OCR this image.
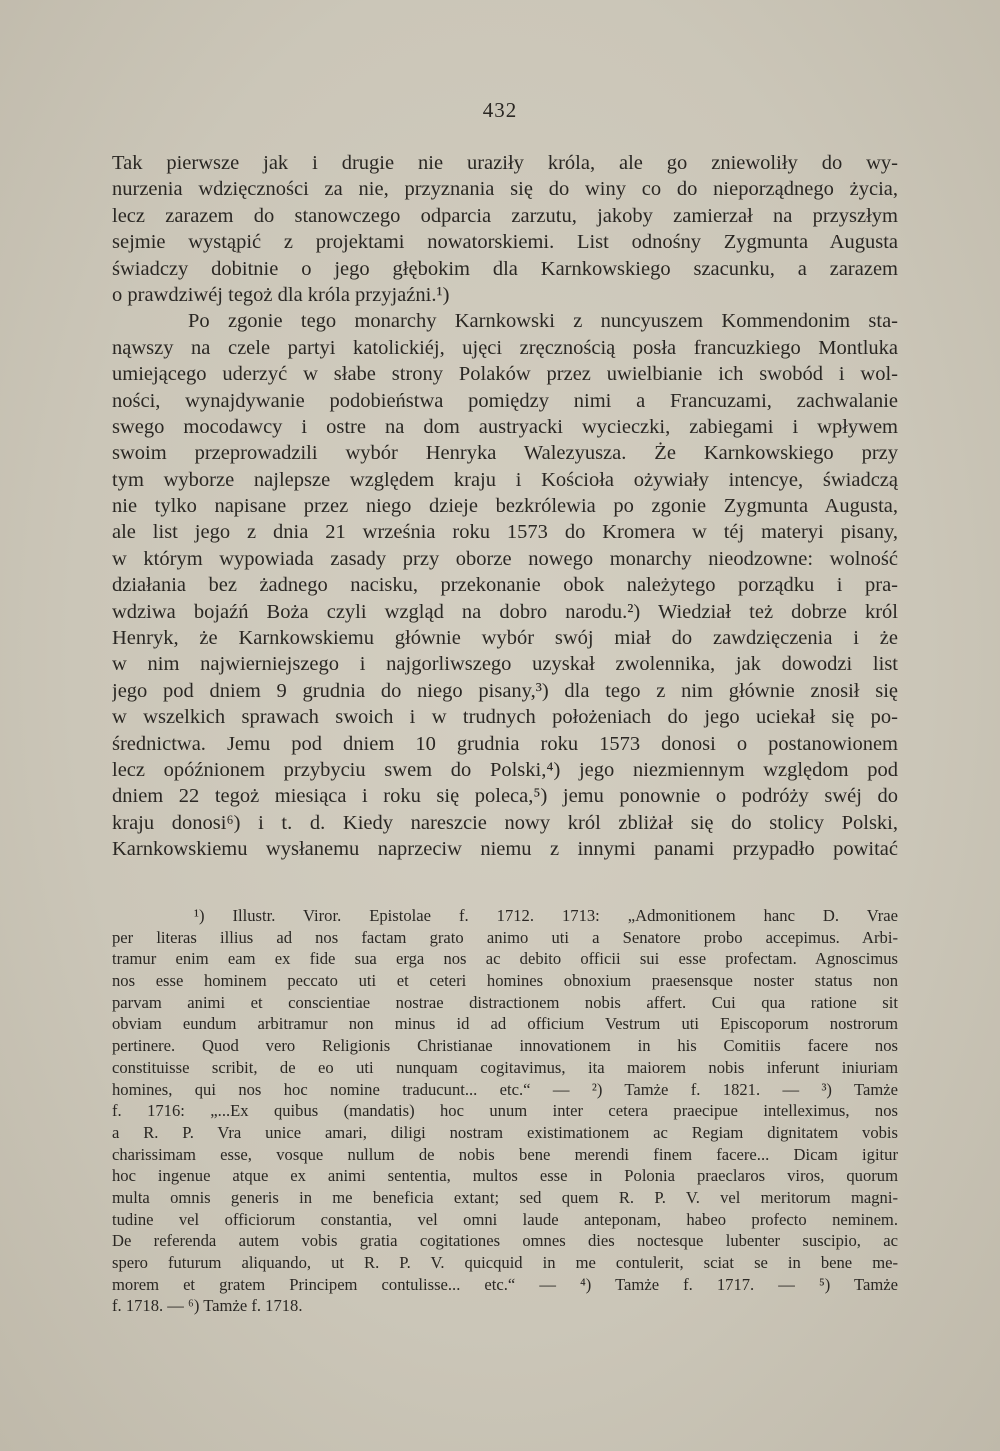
432
Tak pierwsze jak i drugie nie uraziły króla, ale go zniewoliły do wy-
nurzenia wdzięczności za nie, przyznania się do winy co do nieporządnego życia,
lecz zarazem do stanowczego odparcia zarzutu, jakoby zamierzał na przyszłym
sejmie wystąpić z projektami nowatorskiemi. List odnośny Zygmunta Augusta
świadczy dobitnie o jego głębokim dla Karnkowskiego szacunku, a zarazem
o prawdziwéj tegoż dla króla przyjaźni.¹)
Po zgonie tego monarchy Karnkowski z nuncyuszem Kommendonim sta-
nąwszy na czele partyi katolickiéj, ujęci zręcznością posła francuzkiego Montluka
umiejącego uderzyć w słabe strony Polaków przez uwielbianie ich swobód i wol-
ności, wynajdywanie podobieństwa pomiędzy nimi a Francuzami, zachwalanie
swego mocodawcy i ostre na dom austryacki wycieczki, zabiegami i wpływem
swoim przeprowadzili wybór Henryka Walezyusza. Że Karnkowskiego przy
tym wyborze najlepsze względem kraju i Kościoła ożywiały intencye, świadczą
nie tylko napisane przez niego dzieje bezkrólewia po zgonie Zygmunta Augusta,
ale list jego z dnia 21 września roku 1573 do Kromera w téj materyi pisany,
w którym wypowiada zasady przy oborze nowego monarchy nieodzowne: wolność
działania bez żadnego nacisku, przekonanie obok należytego porządku i pra-
wdziwa bojaźń Boża czyli wzgląd na dobro narodu.²) Wiedział też dobrze król
Henryk, że Karnkowskiemu głównie wybór swój miał do zawdzięczenia i że
w nim najwierniejszego i najgorliwszego uzyskał zwolennika, jak dowodzi list
jego pod dniem 9 grudnia do niego pisany,³) dla tego z nim głównie znosił się
w wszelkich sprawach swoich i w trudnych położeniach do jego uciekał się po-
średnictwa. Jemu pod dniem 10 grudnia roku 1573 donosi o postanowionem
lecz opóźnionem przybyciu swem do Polski,⁴) jego niezmiennym względom pod
dniem 22 tegoż miesiąca i roku się poleca,⁵) jemu ponownie o podróży swéj do
kraju donosi⁶) i t. d. Kiedy nareszcie nowy król zbliżał się do stolicy Polski,
Karnkowskiemu wysłanemu naprzeciw niemu z innymi panami przypadło powitać
¹) Illustr. Viror. Epistolae f. 1712. 1713: „Admonitionem hanc D. Vrae
per literas illius ad nos factam grato animo uti a Senatore probo accepimus. Arbi-
tramur enim eam ex fide sua erga nos ac debito officii sui esse profectam. Agnoscimus
nos esse hominem peccato uti et ceteri homines obnoxium praesensque noster status non
parvam animi et conscientiae nostrae distractionem nobis affert. Cui qua ratione sit
obviam eundum arbitramur non minus id ad officium Vestrum uti Episcoporum nostrorum
pertinere. Quod vero Religionis Christianae innovationem in his Comitiis facere nos
constituisse scribit, de eo uti nunquam cogitavimus, ita maiorem nobis inferunt iniuriam
homines, qui nos hoc nomine traducunt... etc.“ — ²) Tamże f. 1821. — ³) Tamże
f. 1716: „...Ex quibus (mandatis) hoc unum inter cetera praecipue intelleximus, nos
a R. P. Vra unice amari, diligi nostram existimationem ac Regiam dignitatem vobis
charissimam esse, vosque nullum de nobis bene merendi finem facere... Dicam igitur
hoc ingenue atque ex animi sententia, multos esse in Polonia praeclaros viros, quorum
multa omnis generis in me beneficia extant; sed quem R. P. V. vel meritorum magni-
tudine vel officiorum constantia, vel omni laude anteponam, habeo profecto neminem.
De referenda autem vobis gratia cogitationes omnes dies noctesque lubenter suscipio, ac
spero futurum aliquando, ut R. P. V. quicquid in me contulerit, sciat se in bene me-
morem et gratem Principem contulisse... etc.“ — ⁴) Tamże f. 1717. — ⁵) Tamże
f. 1718. — ⁶) Tamże f. 1718.
